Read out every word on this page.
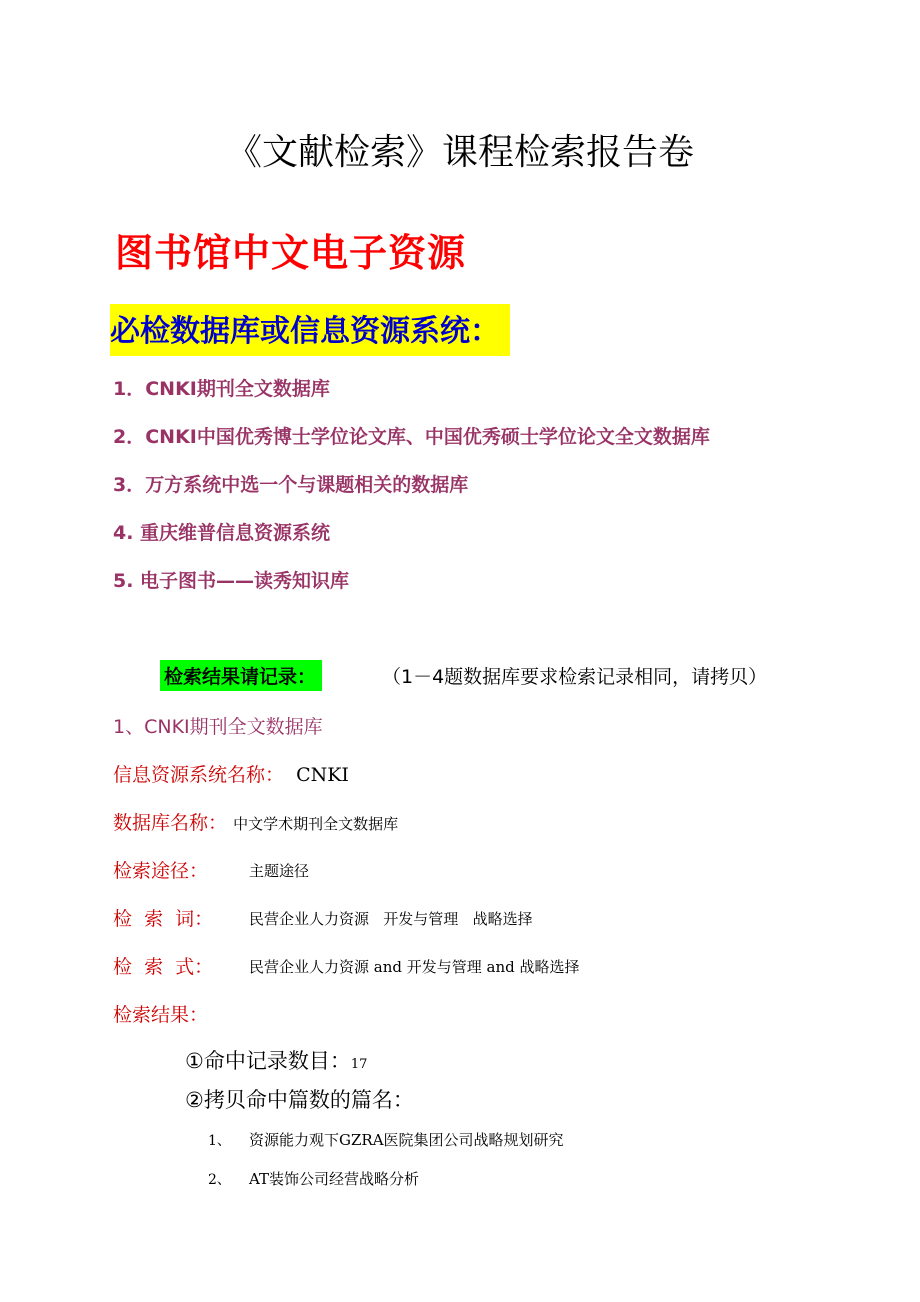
《文献检索》课程检索报告卷
图书馆中文电子资源
必检数据库或信息资源系统：
1．CNKI期刊全文数据库
2．CNKI中国优秀博士学位论文库、中国优秀硕士学位论文全文数据库
3．万方系统中选一个与课题相关的数据库
4. 重庆维普信息资源系统
5. 电子图书——读秀知识库
检索结果请记录：	（1－4题数据库要求检索记录相同，请拷贝）
1、CNKI期刊全文数据库
信息资源系统名称： CNKI
数据库名称： 中文学术期刊全文数据库
检索途径：	主题途径
检  索  词： 民营企业人力资源   开发与管理   战略选择
检  索  式： 民营企业人力资源 and 开发与管理 and 战略选择
检索结果：
①命中记录数目：17
②拷贝命中篇数的篇名：
1、 资源能力观下GZRA医院集团公司战略规划研究
2、 AT装饰公司经营战略分析
